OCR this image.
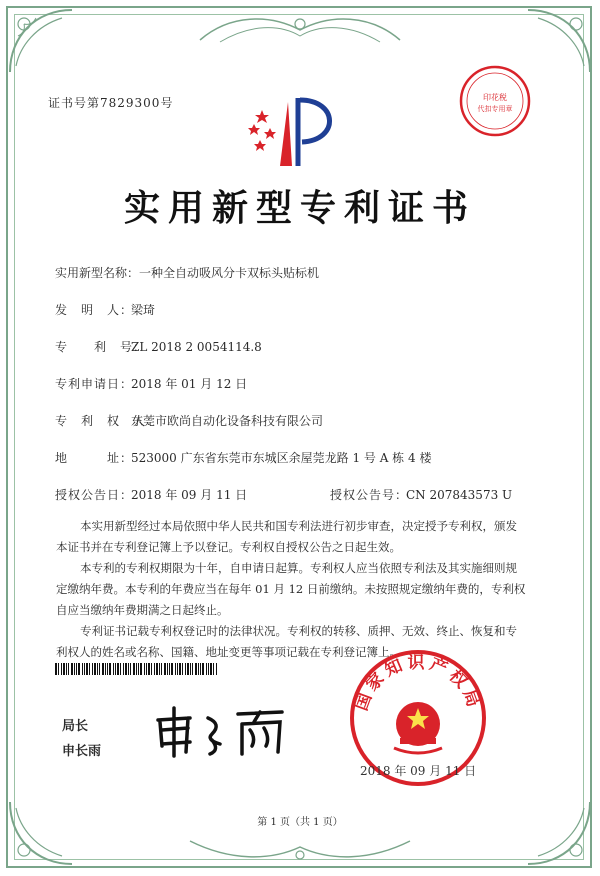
证书号第7829300号	印花税
代扣专用章
实用新型专利证书
实用新型名称：一种全自动吸风分卡双标头贴标机
发　明　人：梁琦
专　　利　号：ZL 2018 2 0054114.8
专利申请日：2018 年 01 月 12 日
专　利　权　人：东莞市欧尚自动化设备科技有限公司
地　　　址：523000 广东省东莞市东城区余屋莞龙路 1 号 A 栋 4 楼
授权公告日：2018 年 09 月 11 日	授权公告号：CN 207843573 U
本实用新型经过本局依照中华人民共和国专利法进行初步审查，决定授予专利权，颁发本证书并在专利登记簿上予以登记。专利权自授权公告之日起生效。
本专利的专利权期限为十年，自申请日起算。专利权人应当依照专利法及其实施细则规定缴纳年费。本专利的年费应当在每年 01 月 12 日前缴纳。未按照规定缴纳年费的，专利权自应当缴纳年费期满之日起终止。
专利证书记载专利权登记时的法律状况。专利权的转移、质押、无效、终止、恢复和专利权人的姓名或名称、国籍、地址变更等事项记载在专利登记簿上。
局长
申长雨
国家知识产权局
2018 年 09 月 11 日
第 1 页（共 1 页）
